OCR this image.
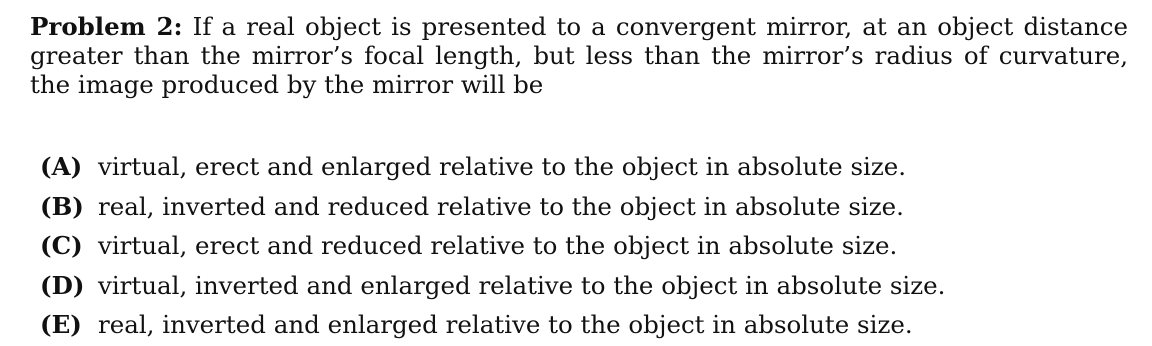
Problem 2: If a real object is presented to a convergent mirror, at an object distance greater than the mirror’s focal length, but less than the mirror’s radius of curvature, the image produced by the mirror will be
(A) virtual, erect and enlarged relative to the object in absolute size.
(B) real, inverted and reduced relative to the object in absolute size.
(C) virtual, erect and reduced relative to the object in absolute size.
(D) virtual, inverted and enlarged relative to the object in absolute size.
(E) real, inverted and enlarged relative to the object in absolute size.
